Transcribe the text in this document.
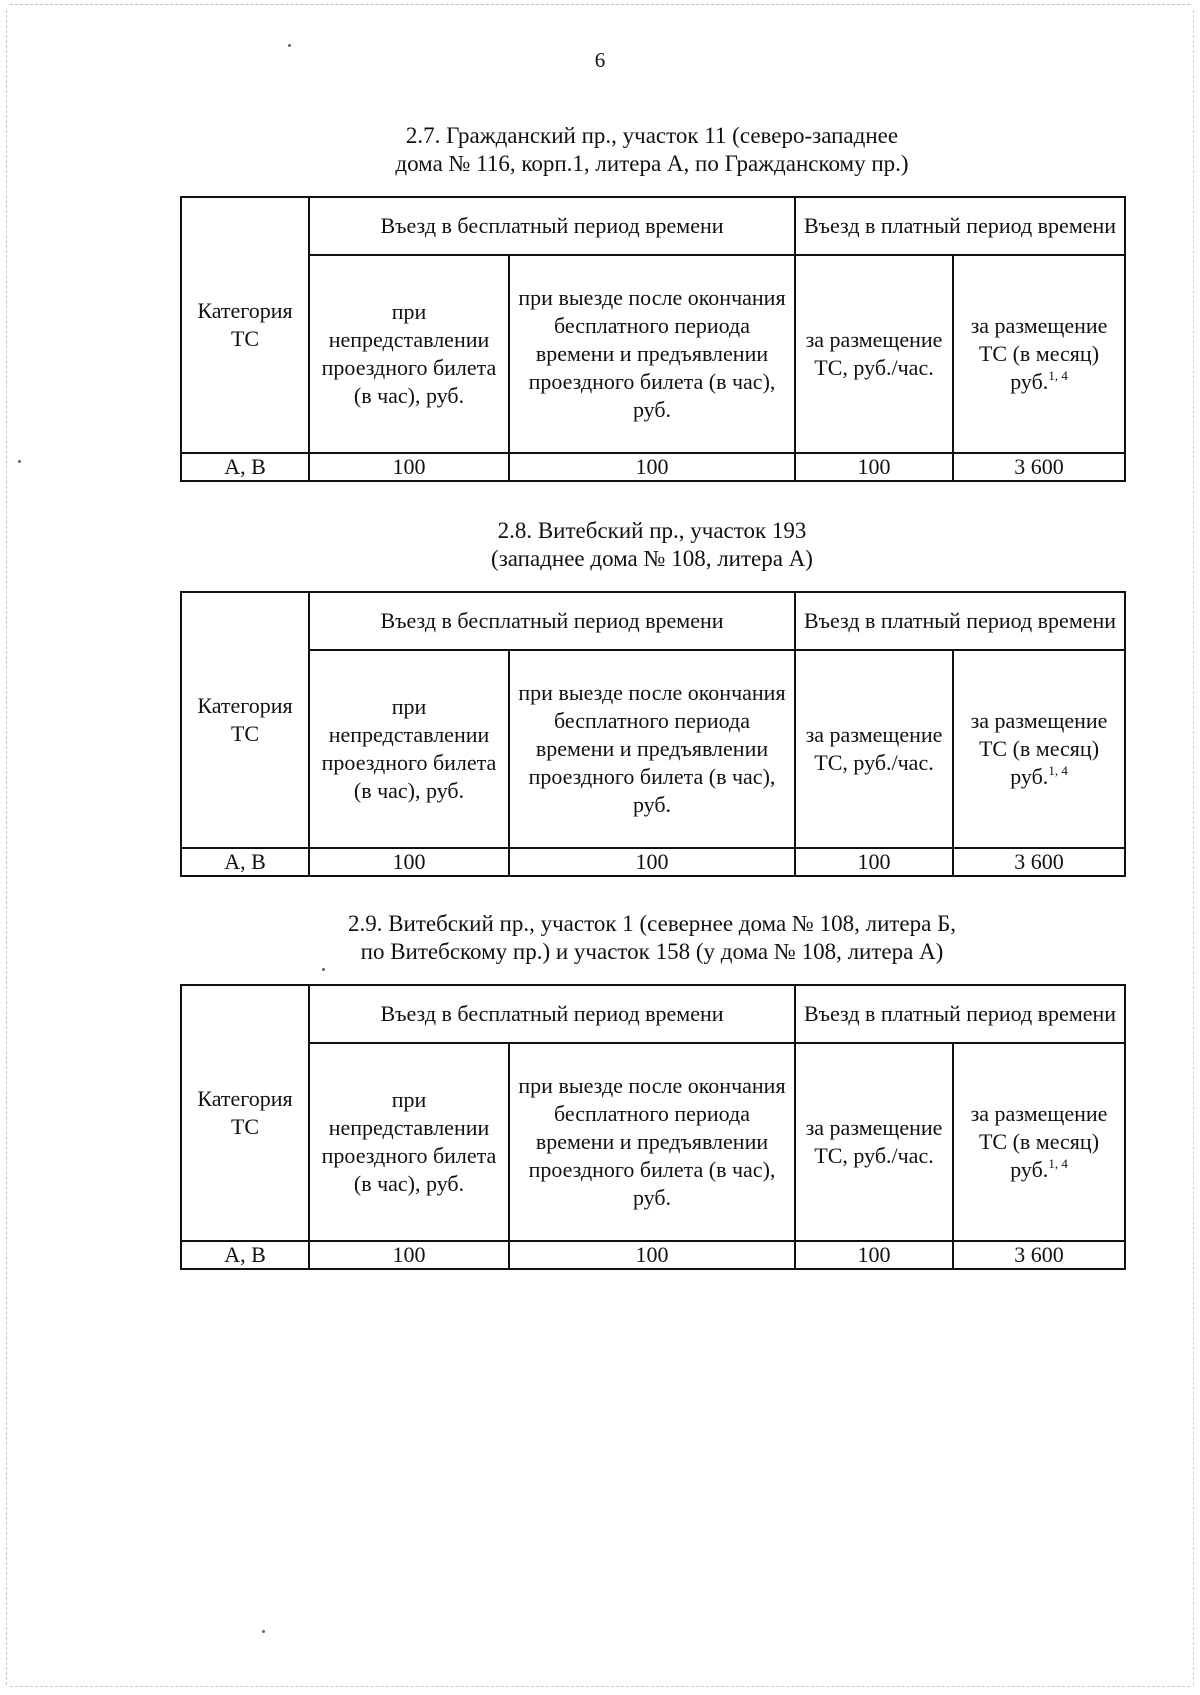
6
2.7. Гражданский пр., участок 11 (северо-западнее
дома № 116, корп.1, литера А, по Гражданскому пр.)
Категория ТС	Въезд в бесплатный период времени		Въезд в платный период времени	
	при непредставлении проездного билета (в час), руб.	при выезде после окончания бесплатного периода времени и предъявлении проездного билета (в час), руб.	за размещение ТС, руб./час.	за размещение ТС (в месяц) руб.$^{1, 4}$
А, В	100	100	100	3 600
2.8. Витебский пр., участок 193
(западнее дома № 108, литера А)
Категория ТС	Въезд в бесплатный период времени		Въезд в платный период времени	
	при непредставлении проездного билета (в час), руб.	при выезде после окончания бесплатного периода времени и предъявлении проездного билета (в час), руб.	за размещение ТС, руб./час.	за размещение ТС (в месяц) руб.$^{1, 4}$
А, В	100	100	100	3 600
2.9. Витебский пр., участок 1 (севернее дома № 108, литера Б,
по Витебскому пр.) и участок 158 (у дома № 108, литера А)
Категория ТС	Въезд в бесплатный период времени		Въезд в платный период времени	
	при непредставлении проездного билета (в час), руб.	при выезде после окончания бесплатного периода времени и предъявлении проездного билета (в час), руб.	за размещение ТС, руб./час.	за размещение ТС (в месяц) руб.$^{1, 4}$
А, В	100	100	100	3 600
